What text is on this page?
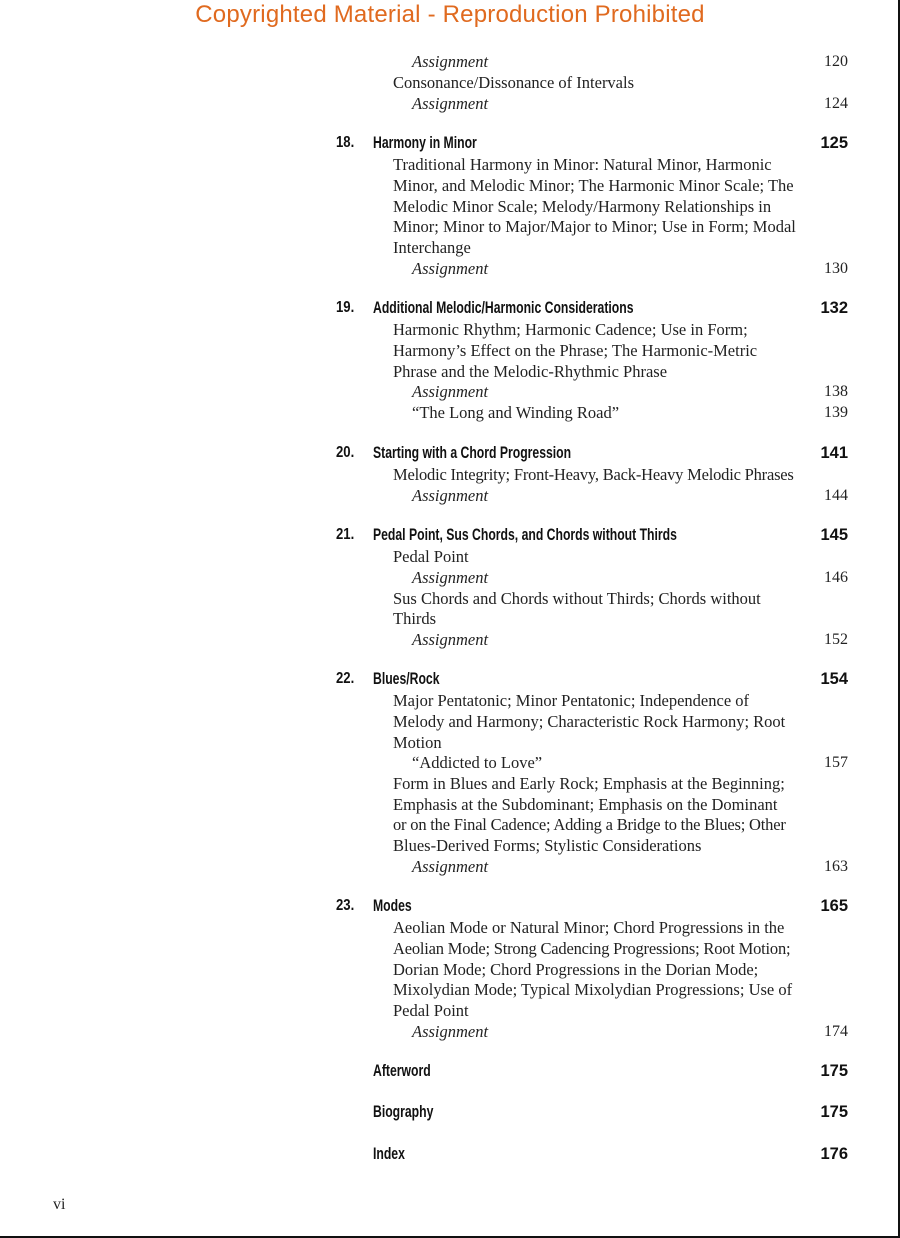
Copyrighted Material - Reproduction Prohibited
Assignment	120
Consonance/Dissonance of Intervals
Assignment	124
18. Harmony in Minor	125
Traditional Harmony in Minor: Natural Minor, Harmonic
Minor, and Melodic Minor; The Harmonic Minor Scale; The
Melodic Minor Scale; Melody/Harmony Relationships in
Minor; Minor to Major/Major to Minor; Use in Form; Modal
Interchange
Assignment	130
19. Additional Melodic/Harmonic Considerations	132
Harmonic Rhythm; Harmonic Cadence; Use in Form;
Harmony’s Effect on the Phrase; The Harmonic-Metric
Phrase and the Melodic-Rhythmic Phrase
Assignment	138
“The Long and Winding Road”	139
20. Starting with a Chord Progression	141
Melodic Integrity; Front-Heavy, Back-Heavy Melodic Phrases
Assignment	144
21. Pedal Point, Sus Chords, and Chords without Thirds	145
Pedal Point
Assignment	146
Sus Chords and Chords without Thirds; Chords without
Thirds
Assignment	152
22. Blues/Rock	154
Major Pentatonic; Minor Pentatonic; Independence of
Melody and Harmony; Characteristic Rock Harmony; Root
Motion
“Addicted to Love”	157
Form in Blues and Early Rock; Emphasis at the Beginning;
Emphasis at the Subdominant; Emphasis on the Dominant
or on the Final Cadence; Adding a Bridge to the Blues; Other
Blues-Derived Forms; Stylistic Considerations
Assignment	163
23. Modes	165
Aeolian Mode or Natural Minor; Chord Progressions in the
Aeolian Mode; Strong Cadencing Progressions; Root Motion;
Dorian Mode; Chord Progressions in the Dorian Mode;
Mixolydian Mode; Typical Mixolydian Progressions; Use of
Pedal Point
Assignment	174
Afterword	175
Biography	175
Index	176
vi
